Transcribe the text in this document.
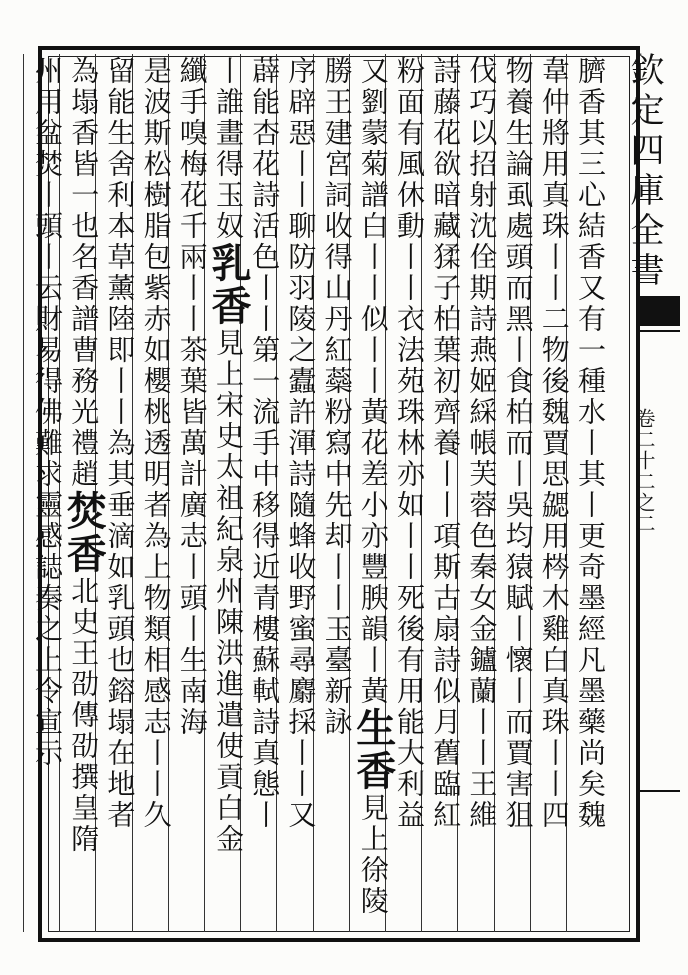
欽定四庫全書
卷二十二之二
臍香其三心結香又有一種水丨其丨更奇墨經凡墨藥尚矣魏
韋仲將用真珠丨丨二物後魏賈思勰用梣木雞白真珠丨丨四
物養生論虱處頭而黑丨食柏而丨吳均猿賦丨懷丨而賈害狙
伐巧以招射沈佺期詩燕姬綵帳芙蓉色秦女金鑪蘭丨丨王維
詩藤花欲暗藏猱子柏葉初齊養丨丨項斯古扇詩似月舊臨紅
粉面有風休動丨丨衣法苑珠林亦如丨丨死後有用能大利益
又劉蒙菊譜白丨丨似丨丨黃花差小亦豐腴韻丨黃生香見上徐陵
勝王建宮詞收得山丹紅蘂粉寫中先却丨丨玉臺新詠
序辟惡丨丨聊防羽陵之蠹許渾詩隨蜂收野蜜尋麝採丨丨又
薜能杏花詩活色丨丨第一流手中移得近青樓蘇軾詩真態丨
丨誰畫得玉奴乳香見上宋史太祖紀泉州陳洪進遣使貢白金
纖手嗅梅花千兩丨丨茶葉皆萬計廣志丨頭丨生南海
是波斯松樹脂包紫赤如櫻桃透明者為上物類相感志丨丨久
留能生舍利本草薰陸即丨丨為其垂滴如乳頭也鎔塌在地者
為塌香皆一也名香譜曹務光禮趙焚香北史王劭傳劭撰皇隋
州用盆焚丨頭丨云財易得佛難求靈感誌奏之上令宣示
